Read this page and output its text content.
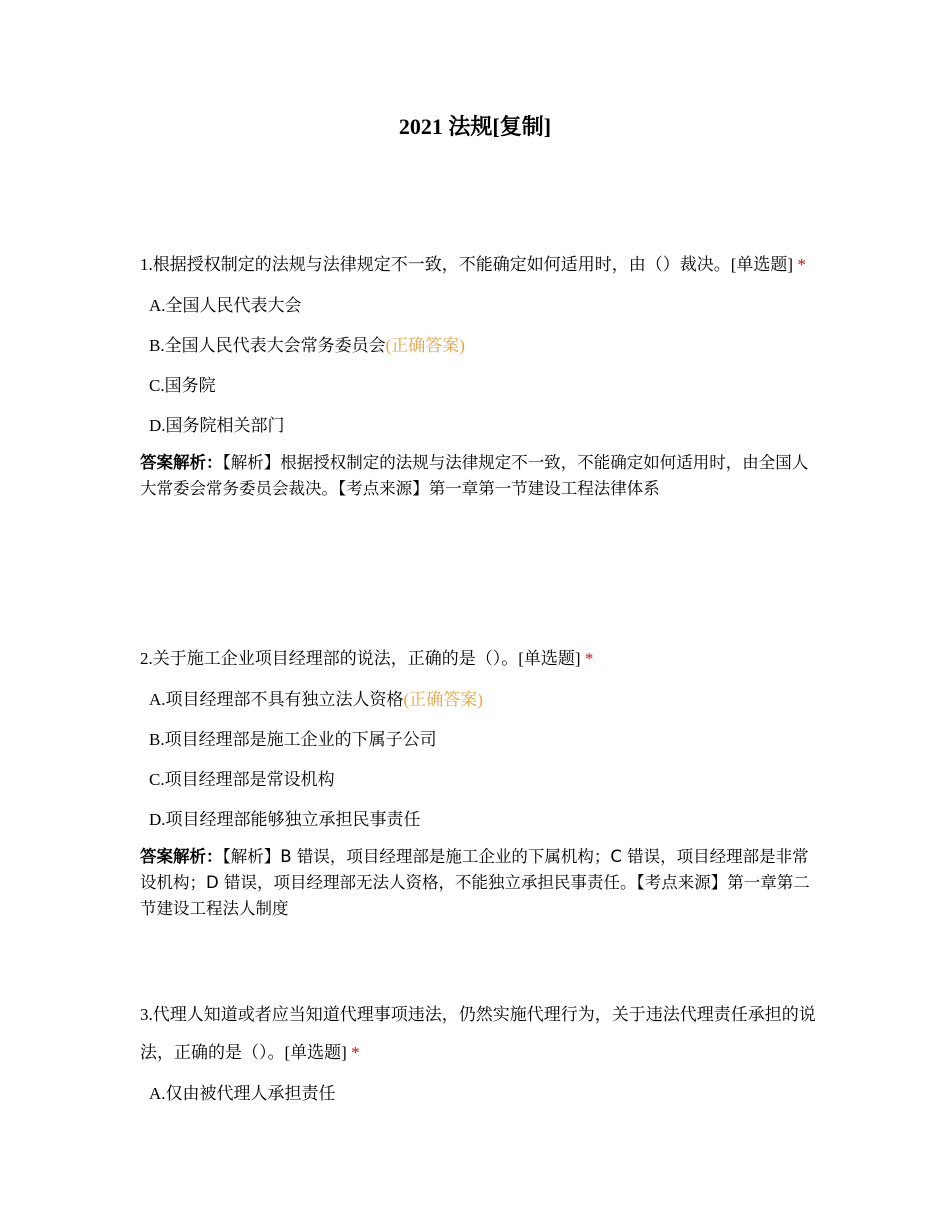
2021 法规[复制]

1.根据授权制定的法规与法律规定不一致，不能确定如何适用时，由（）裁决。[单选题] *

A.全国人民代表大会
B.全国人民代表大会常务委员会(正确答案)
C.国务院
D.国务院相关部门
答案解析：【解析】根据授权制定的法规与法律规定不一致，不能确定如何适用时，由全国人大常委会常务委员会裁决。【考点来源】第一章第一节建设工程法律体系

2.关于施工企业项目经理部的说法，正确的是（）。[单选题] *

A.项目经理部不具有独立法人资格(正确答案)
B.项目经理部是施工企业的下属子公司
C.项目经理部是常设机构
D.项目经理部能够独立承担民事责任
答案解析：【解析】B 错误，项目经理部是施工企业的下属机构；C 错误，项目经理部是非常设机构；D 错误，项目经理部无法人资格，不能独立承担民事责任。【考点来源】第一章第二节建设工程法人制度

3.代理人知道或者应当知道代理事项违法，仍然实施代理行为，关于违法代理责任承担的说法，正确的是（）。[单选题] *

A.仅由被代理人承担责任
